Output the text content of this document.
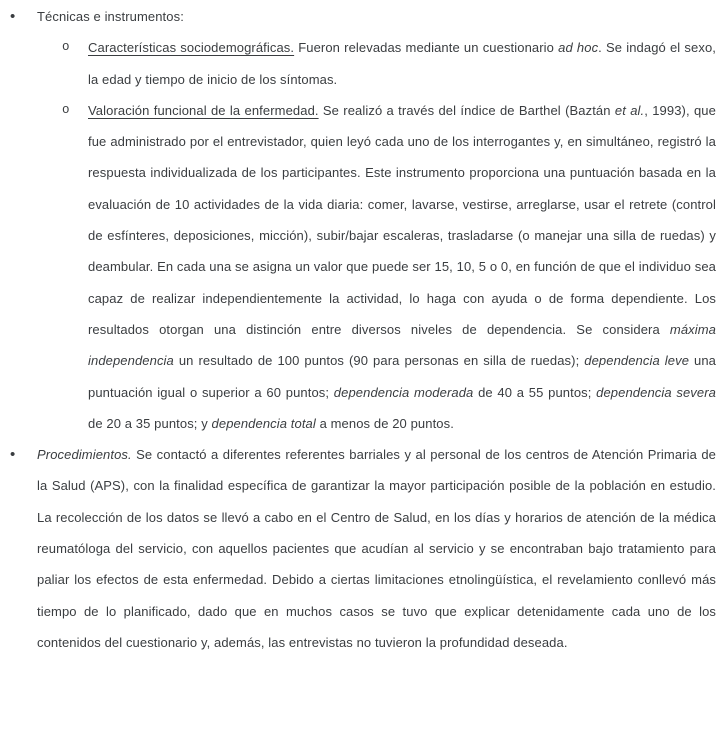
• Técnicas e instrumentos:
o Características sociodemográficas. Fueron relevadas mediante un cuestionario ad hoc. Se indagó el sexo, la edad y tiempo de inicio de los síntomas.
o Valoración funcional de la enfermedad. Se realizó a través del índice de Barthel (Baztán et al., 1993), que fue administrado por el entrevistador, quien leyó cada uno de los interrogantes y, en simultáneo, registró la respuesta individualizada de los participantes. Este instrumento proporciona una puntuación basada en la evaluación de 10 actividades de la vida diaria: comer, lavarse, vestirse, arreglarse, usar el retrete (control de esfínteres, deposiciones, micción), subir/bajar escaleras, trasladarse (o manejar una silla de ruedas) y deambular. En cada una se asigna un valor que puede ser 15, 10, 5 o 0, en función de que el individuo sea capaz de realizar independientemente la actividad, lo haga con ayuda o de forma dependiente. Los resultados otorgan una distinción entre diversos niveles de dependencia. Se considera máxima independencia un resultado de 100 puntos (90 para personas en silla de ruedas); dependencia leve una puntuación igual o superior a 60 puntos; dependencia moderada de 40 a 55 puntos; dependencia severa de 20 a 35 puntos; y dependencia total a menos de 20 puntos.
• Procedimientos. Se contactó a diferentes referentes barriales y al personal de los centros de Atención Primaria de la Salud (APS), con la finalidad específica de garantizar la mayor participación posible de la población en estudio. La recolección de los datos se llevó a cabo en el Centro de Salud, en los días y horarios de atención de la médica reumatóloga del servicio, con aquellos pacientes que acudían al servicio y se encontraban bajo tratamiento para paliar los efectos de esta enfermedad. Debido a ciertas limitaciones etnolingüística, el revelamiento conllevó más tiempo de lo planificado, dado que en muchos casos se tuvo que explicar detenidamente cada uno de los contenidos del cuestionario y, además, las entrevistas no tuvieron la profundidad deseada.
